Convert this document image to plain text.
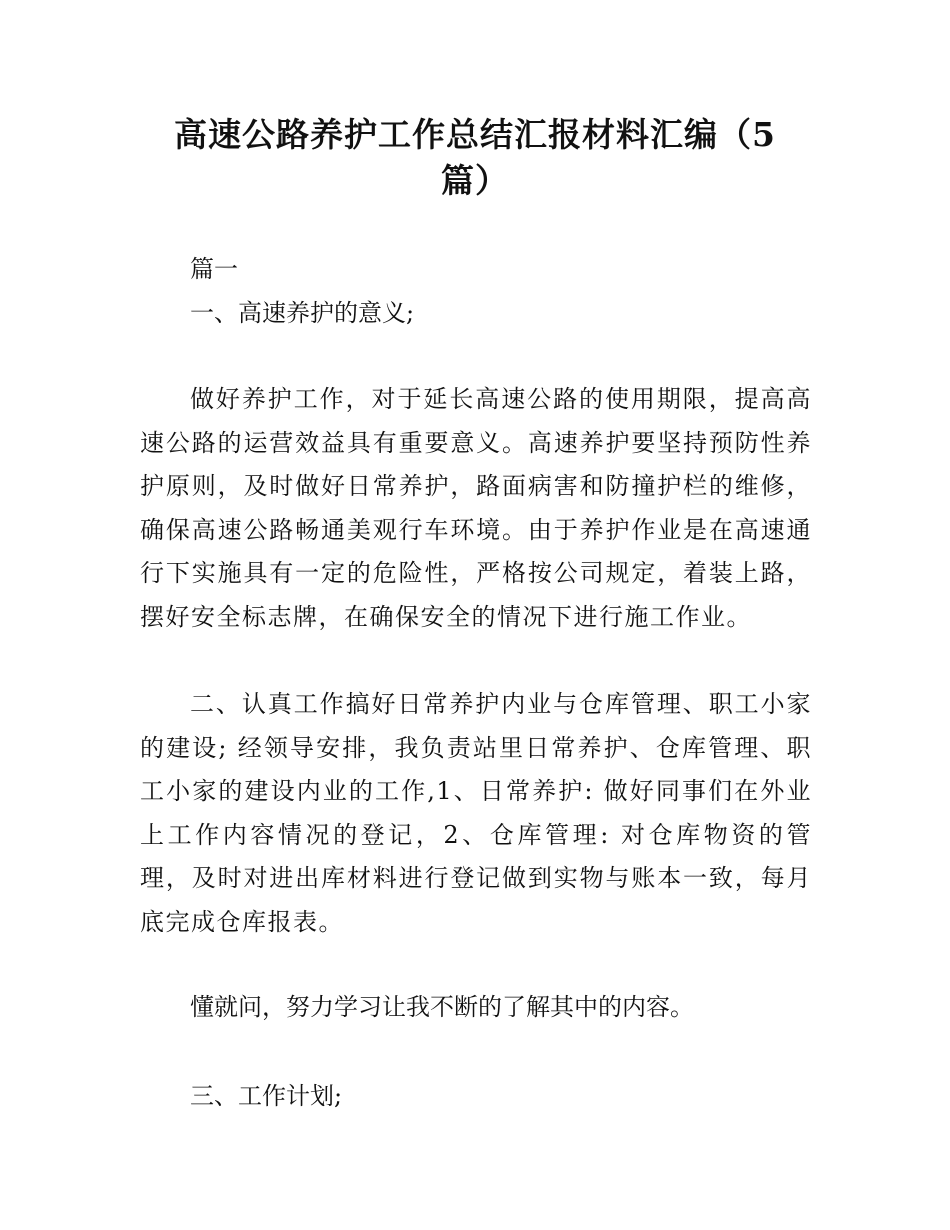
高速公路养护工作总结汇报材料汇编（5
篇）

篇一

一、高速养护的意义;

做好养护工作，对于延长高速公路的使用期限，提高高速公路的运营效益具有重要意义。高速养护要坚持预防性养护原则，及时做好日常养护，路面病害和防撞护栏的维修，确保高速公路畅通美观行车环境。由于养护作业是在高速通行下实施具有一定的危险性，严格按公司规定，着装上路，摆好安全标志牌，在确保安全的情况下进行施工作业。

二、认真工作搞好日常养护内业与仓库管理、职工小家的建设; 经领导安排，我负责站里日常养护、仓库管理、职工小家的建设内业的工作,1、日常养护: 做好同事们在外业上工作内容情况的登记，2、仓库管理: 对仓库物资的管理，及时对进出库材料进行登记做到实物与账本一致，每月底完成仓库报表。

懂就问，努力学习让我不断的了解其中的内容。

三、工作计划;
